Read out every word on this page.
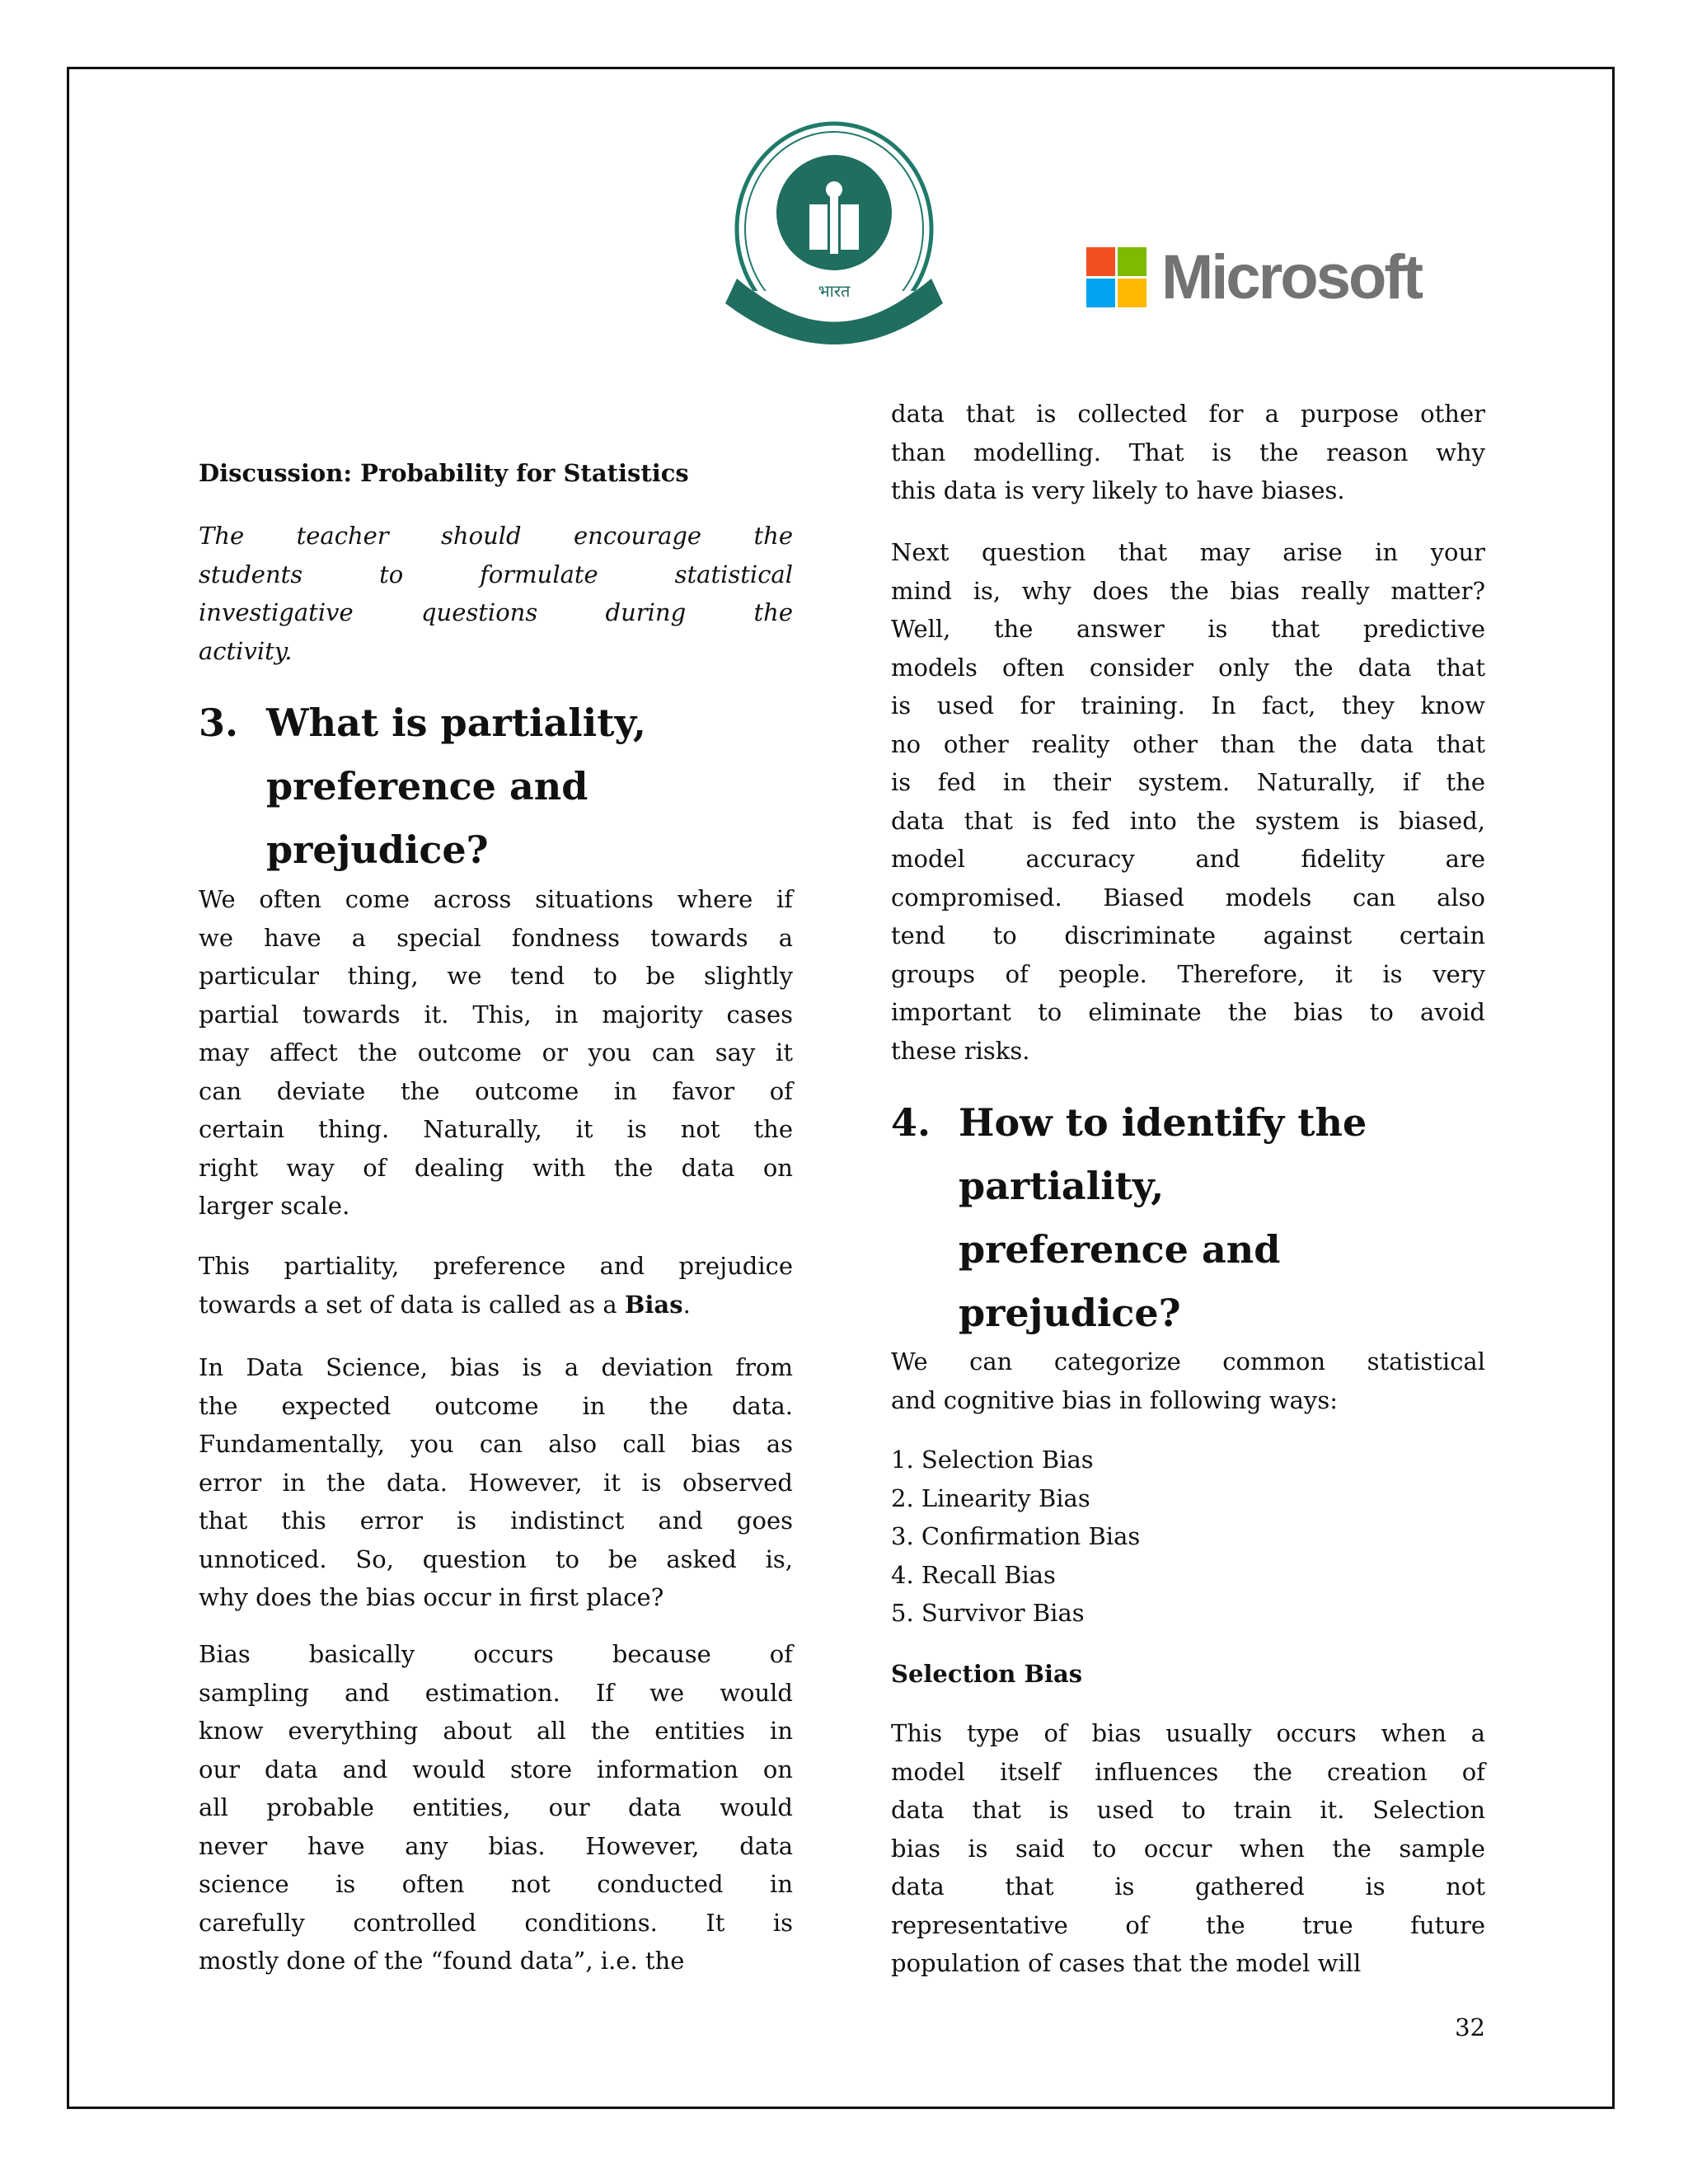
भारत	Microsoft
Discussion: Probability for Statistics
The teacher should encourage the
students to formulate statistical
investigative questions during the
activity.
3. What is partiality,
preference and
prejudice?
We often come across situations where if
we have a special fondness towards a
particular thing, we tend to be slightly
partial towards it. This, in majority cases
may affect the outcome or you can say it
can deviate the outcome in favor of
certain thing. Naturally, it is not the
right way of dealing with the data on
larger scale.
This partiality, preference and prejudice
towards a set of data is called as a Bias.
In Data Science, bias is a deviation from
the expected outcome in the data.
Fundamentally, you can also call bias as
error in the data. However, it is observed
that this error is indistinct and goes
unnoticed. So, question to be asked is,
why does the bias occur in first place?
Bias basically occurs because of
sampling and estimation. If we would
know everything about all the entities in
our data and would store information on
all probable entities, our data would
never have any bias. However, data
science is often not conducted in
carefully controlled conditions. It is
mostly done of the “found data”, i.e. the
data that is collected for a purpose other
than modelling. That is the reason why
this data is very likely to have biases.
Next question that may arise in your
mind is, why does the bias really matter?
Well, the answer is that predictive
models often consider only the data that
is used for training. In fact, they know
no other reality other than the data that
is fed in their system. Naturally, if the
data that is fed into the system is biased,
model accuracy and fidelity are
compromised. Biased models can also
tend to discriminate against certain
groups of people. Therefore, it is very
important to eliminate the bias to avoid
these risks.
4. How to identify the
partiality,
preference and
prejudice?
We can categorize common statistical
and cognitive bias in following ways:
1. Selection Bias
2. Linearity Bias
3. Confirmation Bias
4. Recall Bias
5. Survivor Bias
Selection Bias
This type of bias usually occurs when a
model itself influences the creation of
data that is used to train it. Selection
bias is said to occur when the sample
data that is gathered is not
representative of the true future
population of cases that the model will
32
